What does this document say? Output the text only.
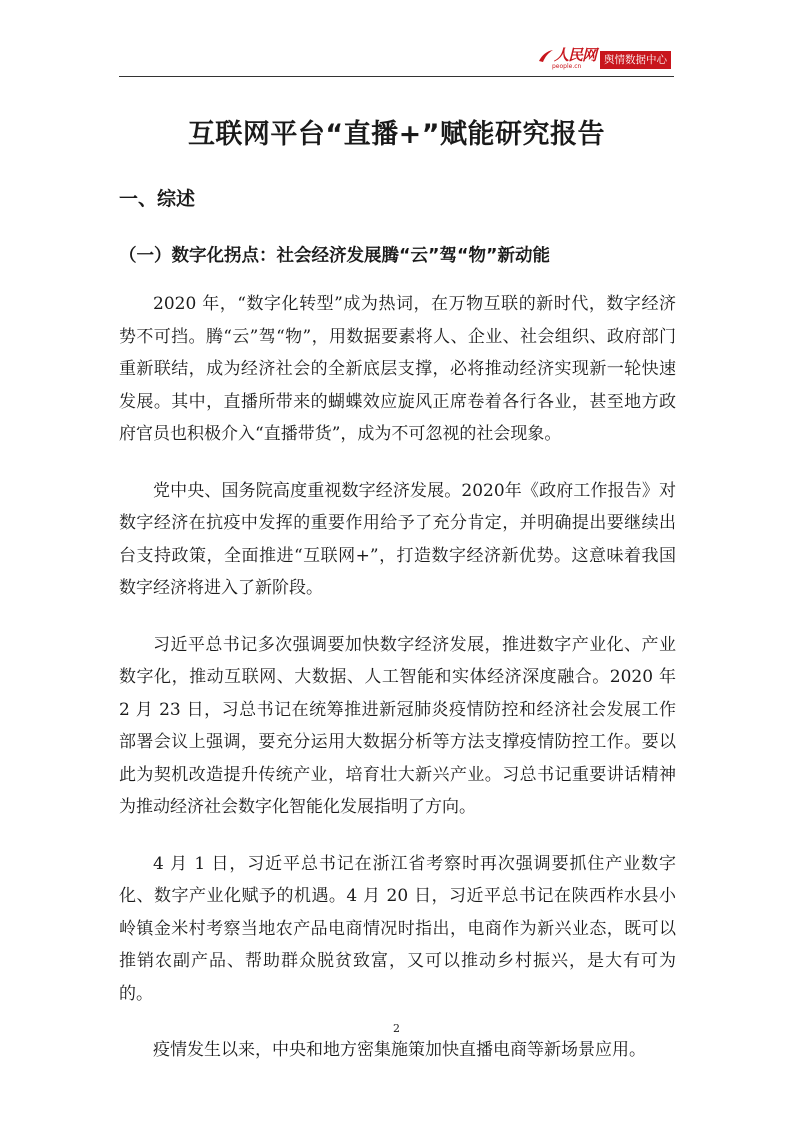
人民网
people.cn
舆情数据中心
互联网平台“直播+”赋能研究报告
一、综述
（一）数字化拐点：社会经济发展腾“云”驾“物”新动能

2020 年，“数字化转型”成为热词，在万物互联的新时代，数字经济势不可挡。腾“云”驾“物”，用数据要素将人、企业、社会组织、政府部门重新联结，成为经济社会的全新底层支撑，必将推动经济实现新一轮快速发展。其中，直播所带来的蝴蝶效应旋风正席卷着各行各业，甚至地方政府官员也积极介入“直播带货”，成为不可忽视的社会现象。

党中央、国务院高度重视数字经济发展。2020年《政府工作报告》对数字经济在抗疫中发挥的重要作用给予了充分肯定，并明确提出要继续出台支持政策，全面推进“互联网+”，打造数字经济新优势。这意味着我国数字经济将进入了新阶段。

习近平总书记多次强调要加快数字经济发展，推进数字产业化、产业数字化，推动互联网、大数据、人工智能和实体经济深度融合。2020 年 2 月 23 日，习总书记在统筹推进新冠肺炎疫情防控和经济社会发展工作部署会议上强调，要充分运用大数据分析等方法支撑疫情防控工作。要以此为契机改造提升传统产业，培育壮大新兴产业。习总书记重要讲话精神为推动经济社会数字化智能化发展指明了方向。

4 月 1 日，习近平总书记在浙江省考察时再次强调要抓住产业数字化、数字产业化赋予的机遇。4 月 20 日，习近平总书记在陕西柞水县小岭镇金米村考察当地农产品电商情况时指出，电商作为新兴业态，既可以推销农副产品、帮助群众脱贫致富，又可以推动乡村振兴，是大有可为的。

疫情发生以来，中央和地方密集施策加快直播电商等新场景应用。

2
